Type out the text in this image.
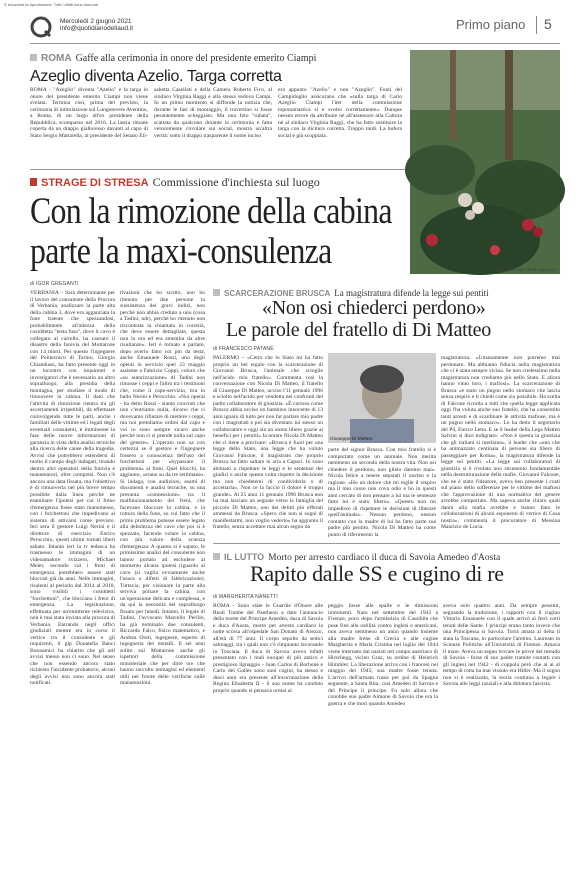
© riduzione la riproduzione. Tutti i diritti sono riservati
Mercoledì 2 giugno 2021
info@quotidianodellaud.it	Primo piano 5
ROMA Gaffe alla cerimonia in onore del presidente emerito Ciampi
Azeglio diventa Azelio. Targa corretta
ROMA - "Azeglio" diventa "Azelio" e la targa in onore del presidente emerito Ciampi non viene svelata. Termina così, prima del previsto, la cerimonia di intitolazione sul Lungotevere Aventino, a Roma, di un largo all'ex presidente della Repubblica, scomparso nel 2016. La lastra rimane coperta da un drappo gialloresso davanti al capo di Stato Sergio Mattarella, al presidente del Senato Eli-
sabetta Casellati e della Camera Roberto Fico, al sindaco Virginia Raggi e alla stessa vedova Campi. In un primo momento si diffonde la notizia che, durante le fasi di montaggio, il travertino si fosse pesantemente scheggiato. Ma una foto "rubata", scattata da qualcuno durante la cerimonia e fatta velocemente circolare sui social, mostra un'altra verità: sotto il drappo trasparente il nome inciso
era appunto "Azelio" e non "Azeglio". Fonti del Campidoglio assicurano che «sulla targa di Carlo Azeglio Ciampi l'iter della commissione toponomastica si è svolto correttamente». Dunque nessun errore da attribuire né all'assessore alla Cultura né al sindaco Virginia Raggi, che ha fatto sostituire la targa con la dicitura corretta. Troppo tardi. La bufera social è già scoppiata.
Fiori sul luogo della tragedia
STRAGE DI STRESA Commissione d'inchiesta sul luogo
Con la rimozione della cabina
parte la maxi-consulenza
di IGOR GREGANTI
VERBANIA – Sarà determinante per il lavoro del consulente della Procura di Verbania, analizzare la parte alta della cabina 3, dove era agganciata la fune traente che spezzandosi, probabilmente all'altezza della cosiddetta "testa fusa", dove il cavo è collegato al carrello, ha causato il disastro della funivia del Mottarone con 14 morti. Per questo l'ingegnere del Politecnico di Torino, Giorgio Chiandussi, ha fatto presente oggi in un incontro con inquirenti e investigatori che è necessario un altro sopralluogo, alla presidia della montagna, per studiare il modo di rimuovere la cabina. Il dato che l'attività di rimozione rientra tra gli accertamenti irripetibili, da effettuare coinvolgendo tutte le parti, anche i familiari delle vittime ed i legali degli eventuali consulenti, è imminente la fase delle nuove informazioni di garanzia in vista della analisi tecniche alla ricerca delle cause della tragedia. Avvisi che potrebbero estendersi di molto il campo degli indagati, tirando dentro altri operatori della funivia e manutentori, oltre compresi. Non c'è ancora una data fissata, ma l'obiettivo è di rimuoverla nel più breve tempo possibile dalla linea perché ne esaminare l'ipotesi per cui il freno d'emergenza fosse stato manomesso, con i forchettoni che impedivano al sistema di attivarsi come previsto. Ieri sera il gestore Luigi Nerini e il direttore di esercizio Enrico Perocchio, questi ultimi tornati liberi sabato. Intanto ieri la tv tedesca ha trasmesso le immagini di un videoamatore svizzero, Michael Meier, secondo cui i freni di emergenza potrebbero essere stati bloccati già da anni. Nelle immagini, risalenti al periodo dal 2014 al 2018, sono visibili i cosiddetti "forchettoni", che bloccano i freni di emergenza. La registrazione, effettuata per un'emittente televisiva, non è mai stata inviata alla procura di Verbania. Entrando negli uffici giudiziari mentre era in corso il vertice tra il consulente e gli inquirenti, il gip Donatella Banci Buonamici ha chiarito che gli atti avvisi messo non ci sono. Nel senso che non essendo ancora stato richiesto l'incidente probatorio, alcuni degli avvisi non sono ancora stati notificati.
tivazioni che ho scritto, non ho ritenuto per due persone la sussistenza dei gravi indizi, non perché non abbia creduto a uno (cosa a Tadini, ndr), perché ho ritenuto non riscontrata la chiamata in correità, che deve essere dettagliata, questa non lo era ed era smentita da altre risultanze». Ieri è tornato a parlare, dopo averlo fatto coi pm da testa, anche Emanuele Rossi, uno degli operai in servizio quel 23 maggio assieme a Fabrizio Coppi, coloro che «su autorizzazione» di Tadini non rimosse i ceppi e l'altro tra i testimoni che, come il capo-servizio, tira in ballo Nerini e Perocchio. «Noi operai - ha detto Rossi - siamo convinti che non c'entriamo nulla, dicono che ci dovevamo rifiutare di mettere i ceppi, ma noi prendiamo ordini dal capo e voi io sono sempre sicuro anche perché non ci si prende nulla sul capo del genere». L'operaio non sa con certezza se il gestore e l'ingegnere fossero a conoscenza dell'uso del forchettoni per «bypassare il problema» ai freni. Quel blocchi, ha aggiunto, «erano su da tre settimane». Si indaga, con audizioni, esami di documenti e analisi tecniche, su una presunta «connessione» tra il malfunzionamento dei freni, che facevano bloccare la cabina, e la rottura della fune, su cui fatto che il primo problema potesse essere legato alla debolezza del cavo che poi si è spezzato, facendo volare la cabina, con più valore della scienza d'emergenza. A quanto si è saputo, le primissime analisi del consulente non hanno portato ad escludere al momento alcuna ipotesi riguardo al cavo (si vaglia ovviamente anche l'usura o difetti di fabbricazione). Tuttavia, per visionare la parte alla serviva portare la cabina, con un'operazione delicata e complessa, e da qui la necessità del sopralluogo fissato per lunedì. Intanto, il legale di Tadini, l'avvocato Marcello Perillo, ha già nominato due consulenti, Riccardo Falco, fisico matematico, e Andrea Oreti, ingegnere, esperto di ingegneria dei metalli. Il sei anni solito sul Mottarone anche gli ispettori della commissione ministeriale che per ditre ore che hanno raccolto immagini ed elementi utili nei fronte delle verifiche sulle manutenzioni.
SCARCERAZIONE BRUSCA La magistratura difende la legge sui pentiti
«Non osi chiederci perdono»
Le parole del fratello di Di Matteo
di FRANCESCO PATANÈ
PALERMO – «Certo che lo Stato mi ha fatto proprio un bel regalo con la scarcerazione di Giovanni Brusca, l'animale che scioglie nell'acido mio fratello». Commenta così la conversazione con Nicola Di Matteo, il fratello di Giuseppe Di Matteo, ucciso l'11 gennaio 1996 e sciolto nell'acido per vendetta nei confronti del padre collaboratore di giustizia. «È curioso come Brusca abbia ucciso un bambino innocente di 13 anni ignaro di tutto per non far parlare mio padre con i magistrati e poi sia diventato lui stesso un collaboratore e oggi sia un uomo libero grazie ai benefici per i pentiti» fa notare Nicola Di Matteo che ci tiene a precisare: «Brusca è fuori per una legge dello Stato, una legge che ha voluto Giovanni Falcone, il magistrato che proprio Brusca ha fatto saltare in aria a Capaci. Io sono abituato a rispettare le leggi e le sentenze dei giudici e anche questa volta rispetto la decisione ma non chiedetemi di condividerla o di accettarla». Non ce la faccio il dolore è troppo grande». Ai 25 anni 11 gennaio 1996 Brusca non ha mai lasciato un segnale verso la famiglia del piccolo Di Matteo, uno dei delitti più efferati ammessi da Brusca. «Spero che non si sogni di manifestarmi, non voglio vederlo» ha aggiunto il fratello, senza accettare mai alcun segno da
Giuseppe Di Matteo
parte del signor Brusca. Con mio fratello si è comportato come un animale. Non merita nemmeno un secondo della nostra vita. Non osi chiedere il perdono, non glielo daremo mai». Nicola felice a tenere separati il nucleo e la ragione. «Ho un dolore che mi toglie il respiro ma il mio cuore non cova odio e ho in questi anni cercato di non pensare a lui ma le sentenze fatto lui è stato libero». «Questo non mi impedisce di rispettare le decisioni di liberare quell'animale». Nessun perdono, nessun contatto con la madre di lui ha fatto parte sua padre più pentito. Nicola Di Matteo ha come punto di riferimento la
magistratura. «Umanamente non potremo mai perdonare. Ma abbiamo fiducia nella magistratura che ci è stata sempre vicina. Se non credessimo nella magistratura non crediamo più nello Stato. E allora hanno vinto loro, i mafiosi». La scarcerazione di Brusca «è stato un pugno nello stomaco che lascia senza respiro e ti chiedi come sia possibile. Ha scelta di Falcone ricorda a tutti che quella legge applicata oggi l'ha voluta anche suo fratello, che ha consentito tanti arresti e di scardinare le attività mafiose, ma è un pugno nello stomaco». Lo ha detto il segretario del Pd, Enrico Letta. E se il leader della Lega Matteo Salvini si dice indignato: «Non è questa la giustizia che gli italiani si meritano», il leader che «uno che ha ammazzato centinaia di persone sia libero di passeggiare per Roma», la magistratura difende la legge sui pentiti. «La legge sui collaboratori di giustizia si è rivelata uno strumento fondamentale nella destrutturazione delle mafie. Giovanni Falcone, che ne è stato l'ideatore, aveva ben presente i costi sul piano dello sofferenze per le vittime dei mafiosi che l'approvazione di una normativa del genere avrebbe comportato. Ma sapeva anche chiaro quali danni alla mafia avrebbe e hanno fatto le collaborazioni di alcuni esponenti di vertice di Cosa nostra», commenta il procuratore di Messina Maurizio de Lucia.
IL LUTTO Morto per arresto cardiaco il duca di Savoia Amedeo d'Aosta
Rapito dalle SS e cugino di re
di MARGHERITA NANETTI
ROMA - Sono state le Guardie d'Onore alle Reali Tombe del Pantheon a dare l'annuncio della morte del Principe Amedeo, duca di Savoia e duca d'Aosta, morto per arresto cardiaco la notte scorsa all'ospedale San Donato di Arezzo, all'età di 77 anni. Il corpo sepolto da sedici salmaggi, tra i quali non c'è rimpianto lavorando in Toscana. Il duca di Savoia aveva infatti presentato con i reali europei di più antico e prestigioso lignaggio - Juan Carlos di Borbone e Carlo del Galles sono suoi cugini, ha stesso e dieci anni era presente all'incoronazione della Regina Elisabetta II - il suo nome ha conduto proprio quando si pensava ormai al
peggio fosse alle spalle e le dimissioni imminenti. Nato nel settembre del 1943 a Firenze, poco dopo l'armistizio di Cassibile che pose fine alle ostilità contro inglesi e americani, non aveva nemmeno un anno quando insieme alla madre Irene di Grecia e alle cugine Margherita e Maria Cristina nel luglio del 1944 viene internato dai nazisti nel campo austriaco di Hirschegg, vicino Graz, su ordine di Heinrich Himmler. La liberazione arriva con i francesi nel maggio del 1945, sua madre fosse tenuta. L'arrivo dell'armata russa per poi da Spagna seguente, a Santa Rita, così Amedeo di Savoia e del Principe il principe. Fu solo allora che conobbe suo padre Aimone di Savoia che era la guerra e che morì quando Amedeo
aveva solo quattro anni. Da sempre pessimi, segnando la tradizione, i rapporti con il cugino Vittorio Emanuele con il quale arrivò ai ferri corti tenuti delle Sante. I principi erano tanto invece che una Principessa sì Savoia. Torrà amata al delta il stata la Toscana, in particolare l'aretino. Laureato in Scienze Politiche all'Università di Firenze. Amava il mare. Aveva un segno trovare le prove del testado di Savoia - forse di suo padre tramite contatti con gli inglesi nel 1942 - di coppola però che ai ai al tempo di rotta ha mai vissuto era Hitler. Ma il sogno non si è realizzato, la storia continua a legare i Savoia alle leggi razziali e alla dittatura fascista.
